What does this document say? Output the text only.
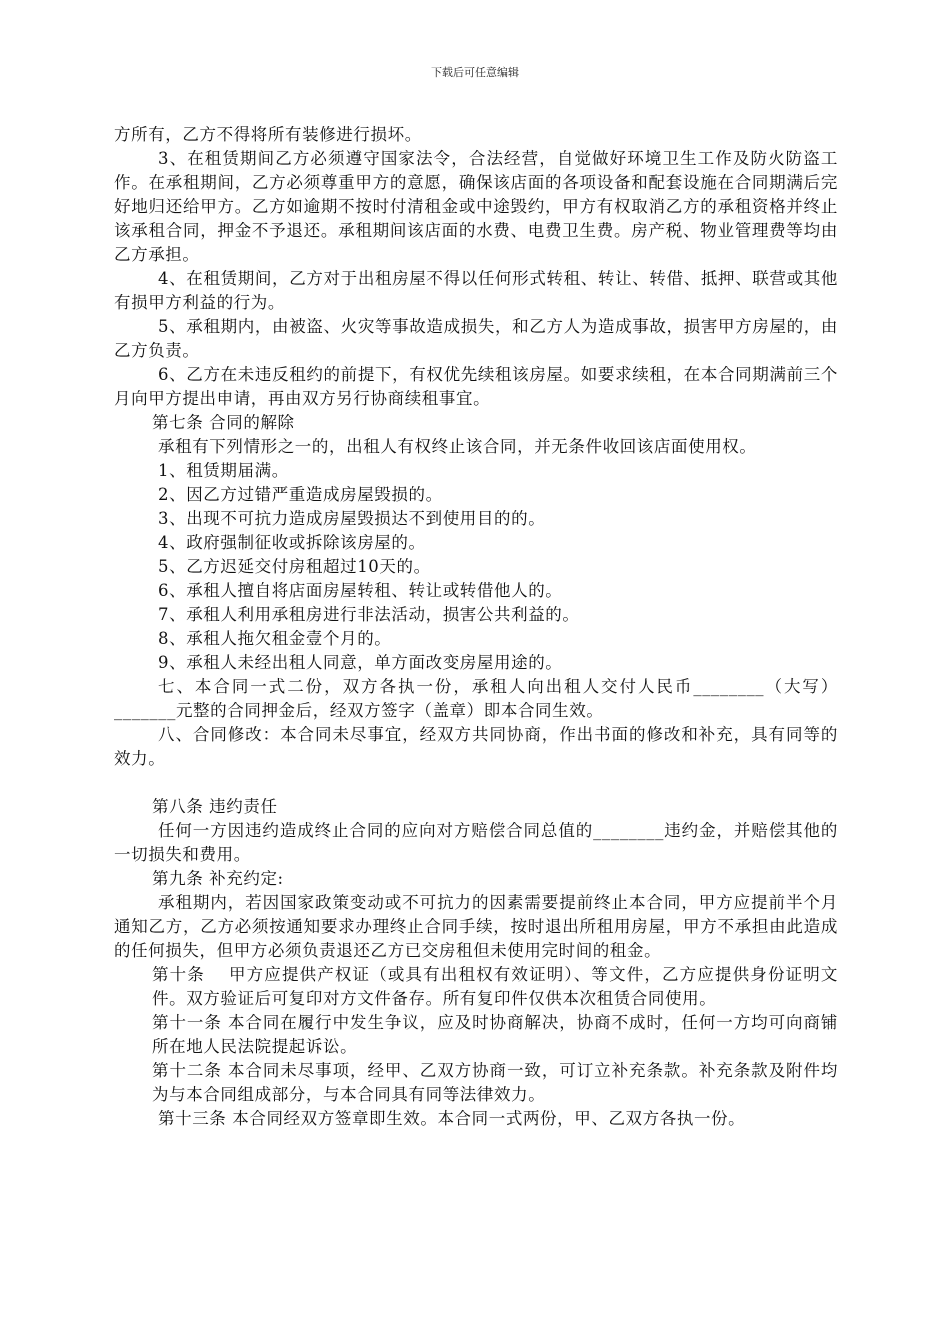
下载后可任意编辑

方所有，乙方不得将所有装修进行损坏。

3、在租赁期间乙方必须遵守国家法令，合法经营，自觉做好环境卫生工作及防火防盗工作。在承租期间，乙方必须尊重甲方的意愿，确保该店面的各项设备和配套设施在合同期满后完好地归还给甲方。乙方如逾期不按时付清租金或中途毁约，甲方有权取消乙方的承租资格并终止该承租合同，押金不予退还。承租期间该店面的水费、电费卫生费。房产税、物业管理费等均由乙方承担。

4、在租赁期间，乙方对于出租房屋不得以任何形式转租、转让、转借、抵押、联营或其他有损甲方利益的行为。

5、承租期内，由被盗、火灾等事故造成损失，和乙方人为造成事故，损害甲方房屋的，由乙方负责。

6、乙方在未违反租约的前提下，有权优先续租该房屋。如要求续租，在本合同期满前三个月向甲方提出申请，再由双方另行协商续租事宜。

第七条 合同的解除

承租有下列情形之一的，出租人有权终止该合同，并无条件收回该店面使用权。

1、租赁期届满。

2、因乙方过错严重造成房屋毁损的。

3、出现不可抗力造成房屋毁损达不到使用目的的。

4、政府强制征收或拆除该房屋的。

5、乙方迟延交付房租超过10天的。

6、承租人擅自将店面房屋转租、转让或转借他人的。

7、承租人利用承租房进行非法活动，损害公共利益的。

8、承租人拖欠租金壹个月的。

9、承租人未经出租人同意，单方面改变房屋用途的。

七、本合同一式二份，双方各执一份，承租人向出租人交付人民币________（大写）_______元整的合同押金后，经双方签字（盖章）即本合同生效。

八、合同修改：本合同未尽事宜，经双方共同协商，作出书面的修改和补充，具有同等的效力。

第八条 违约责任

任何一方因违约造成终止合同的应向对方赔偿合同总值的________违约金，并赔偿其他的一切损失和费用。

第九条 补充约定:

承租期内，若因国家政策变动或不可抗力的因素需要提前终止本合同，甲方应提前半个月通知乙方，乙方必须按通知要求办理终止合同手续，按时退出所租用房屋，甲方不承担由此造成的任何损失，但甲方必须负责退还乙方已交房租但未使用完时间的租金。

第十条　 甲方应提供产权证（或具有出租权有效证明）、等文件，乙方应提供身份证明文件。双方验证后可复印对方文件备存。所有复印件仅供本次租赁合同使用。

第十一条 本合同在履行中发生争议，应及时协商解决，协商不成时，任何一方均可向商铺所在地人民法院提起诉讼。

第十二条 本合同未尽事项，经甲、乙双方协商一致，可订立补充条款。补充条款及附件均为与本合同组成部分，与本合同具有同等法律效力。

第十三条 本合同经双方签章即生效。本合同一式两份，甲、乙双方各执一份。
